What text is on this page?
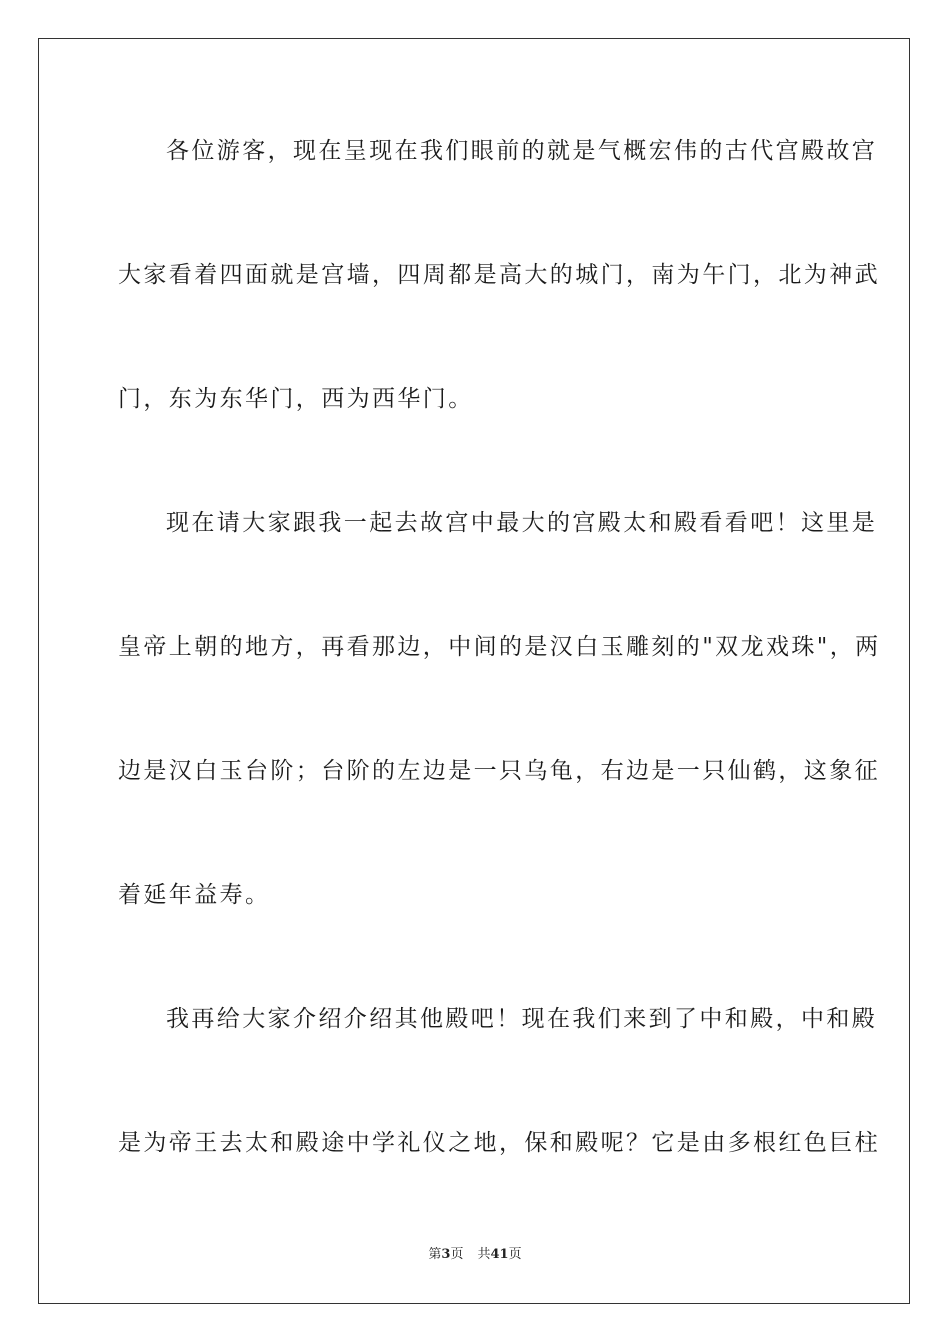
各位游客，现在呈现在我们眼前的就是气概宏伟的古代宫殿故宫
大家看着四面就是宫墙，四周都是高大的城门，南为午门，北为神武
门，东为东华门，西为西华门。
现在请大家跟我一起去故宫中最大的宫殿太和殿看看吧！这里是
皇帝上朝的地方，再看那边，中间的是汉白玉雕刻的"双龙戏珠"，两
边是汉白玉台阶；台阶的左边是一只乌龟，右边是一只仙鹤，这象征
着延年益寿。
我再给大家介绍介绍其他殿吧！现在我们来到了中和殿，中和殿
是为帝王去太和殿途中学礼仪之地，保和殿呢？它是由多根红色巨柱
第3页 共41页
